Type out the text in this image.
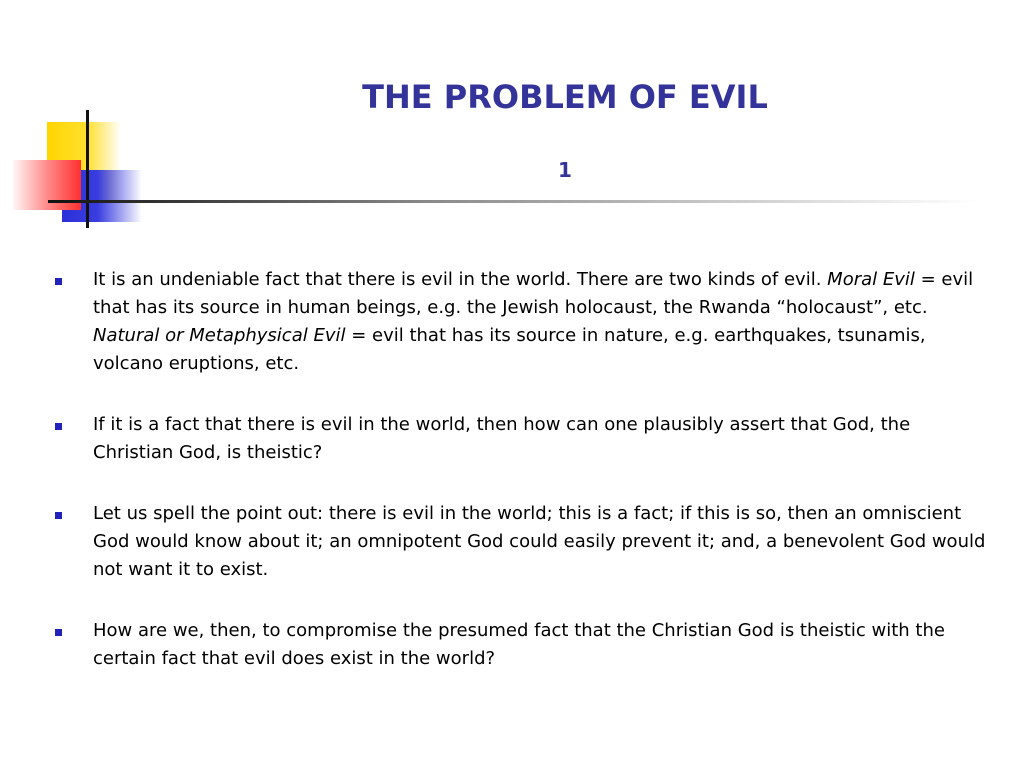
THE PROBLEM OF EVIL
1
It is an undeniable fact that there is evil in the world. There are two kinds of evil. Moral Evil = evil that has its source in human beings, e.g. the Jewish holocaust, the Rwanda “holocaust”, etc. Natural or Metaphysical Evil = evil that has its source in nature, e.g. earthquakes, tsunamis, volcano eruptions, etc.
If it is a fact that there is evil in the world, then how can one plausibly assert that God, the Christian God, is theistic?
Let us spell the point out: there is evil in the world; this is a fact; if this is so, then an omniscient God would know about it; an omnipotent God could easily prevent it; and, a benevolent God would not want it to exist.
How are we, then, to compromise the presumed fact that the Christian God is theistic with the certain fact that evil does exist in the world?
